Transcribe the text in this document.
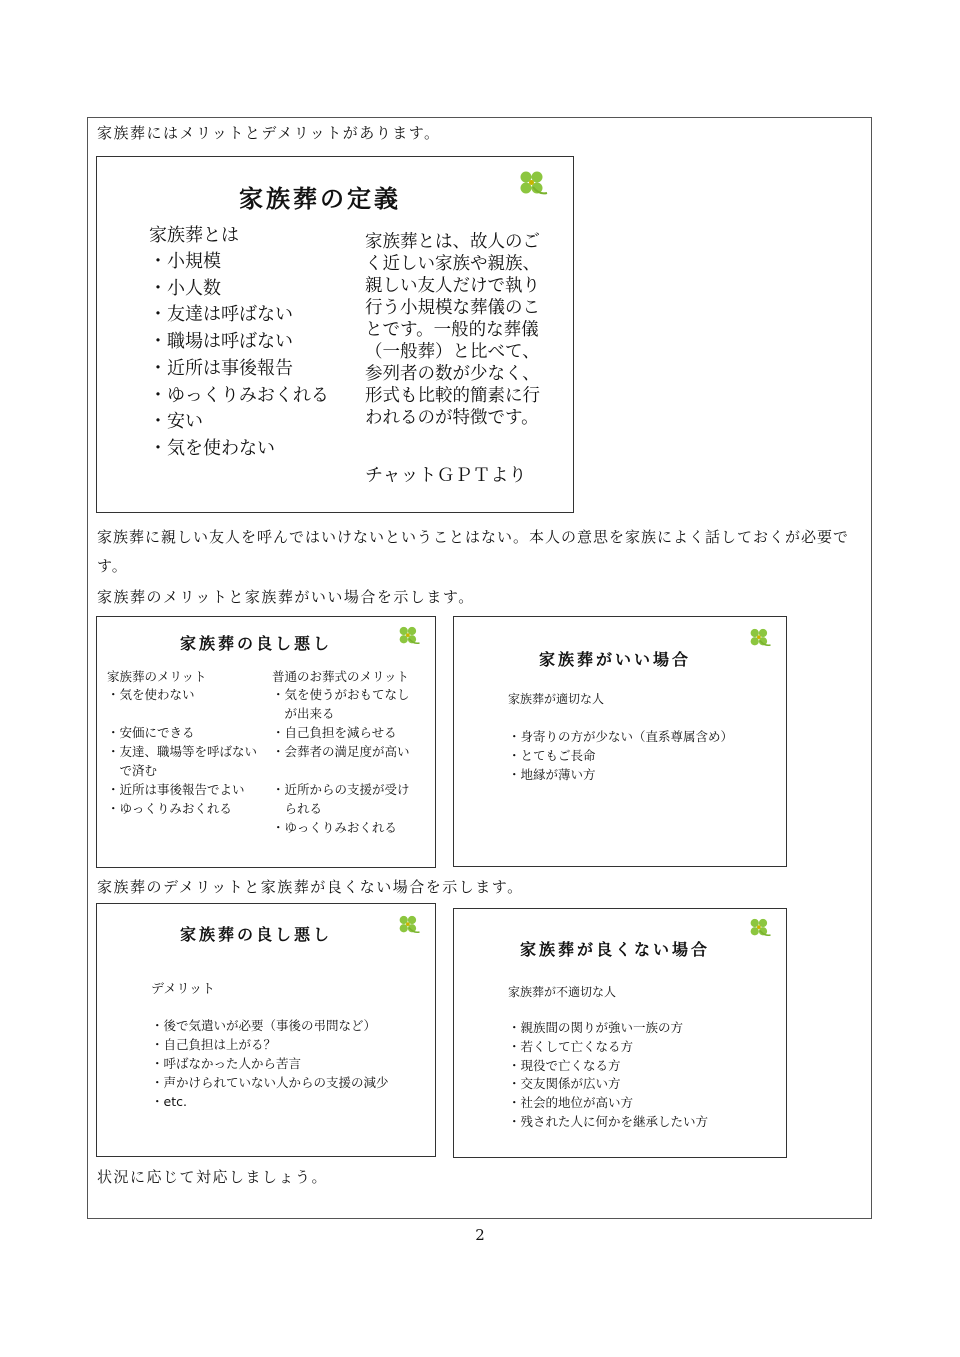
家族葬にはメリットとデメリットがあります。
家族葬の定義
家族葬とは
・小規模
・小人数
・友達は呼ばない
・職場は呼ばない
・近所は事後報告
・ゆっくりみおくれる
・安い
・気を使わない
家族葬とは、故人のご
く近しい家族や親族、
親しい友人だけで執り
行う小規模な葬儀のこ
とです。一般的な葬儀
（一般葬）と比べて、
参列者の数が少なく、
形式も比較的簡素に行
われるのが特徴です。
チャットＧＰＴより
家族葬に親しい友人を呼んではいけないということはない。本人の意思を家族によく話しておくが必要です。
家族葬のメリットと家族葬がいい場合を示します。
家族葬の良し悪し
家族葬のメリット
・気を使わない

・安価にできる
・友達、職場等を呼ばない
　で済む
・近所は事後報告でよい
・ゆっくりみおくれる
普通のお葬式のメリット
・気を使うがおもてなし
　が出来る
・自己負担を減らせる
・会葬者の満足度が高い

・近所からの支援が受け
　られる
・ゆっくりみおくれる
家族葬がいい場合
家族葬が適切な人
・身寄りの方が少ない（直系尊属含め）
・とてもご長命
・地縁が薄い方
家族葬のデメリットと家族葬が良くない場合を示します。
家族葬の良し悪し
デメリット
・後で気遣いが必要（事後の弔問など）
・自己負担は上がる？
・呼ばなかった人から苦言
・声かけられていない人からの支援の減少
・etc.
家族葬が良くない場合
家族葬が不適切な人
・親族間の関りが強い一族の方
・若くして亡くなる方
・現役で亡くなる方
・交友関係が広い方
・社会的地位が高い方
・残された人に何かを継承したい方
状況に応じて対応しましょう。
2
